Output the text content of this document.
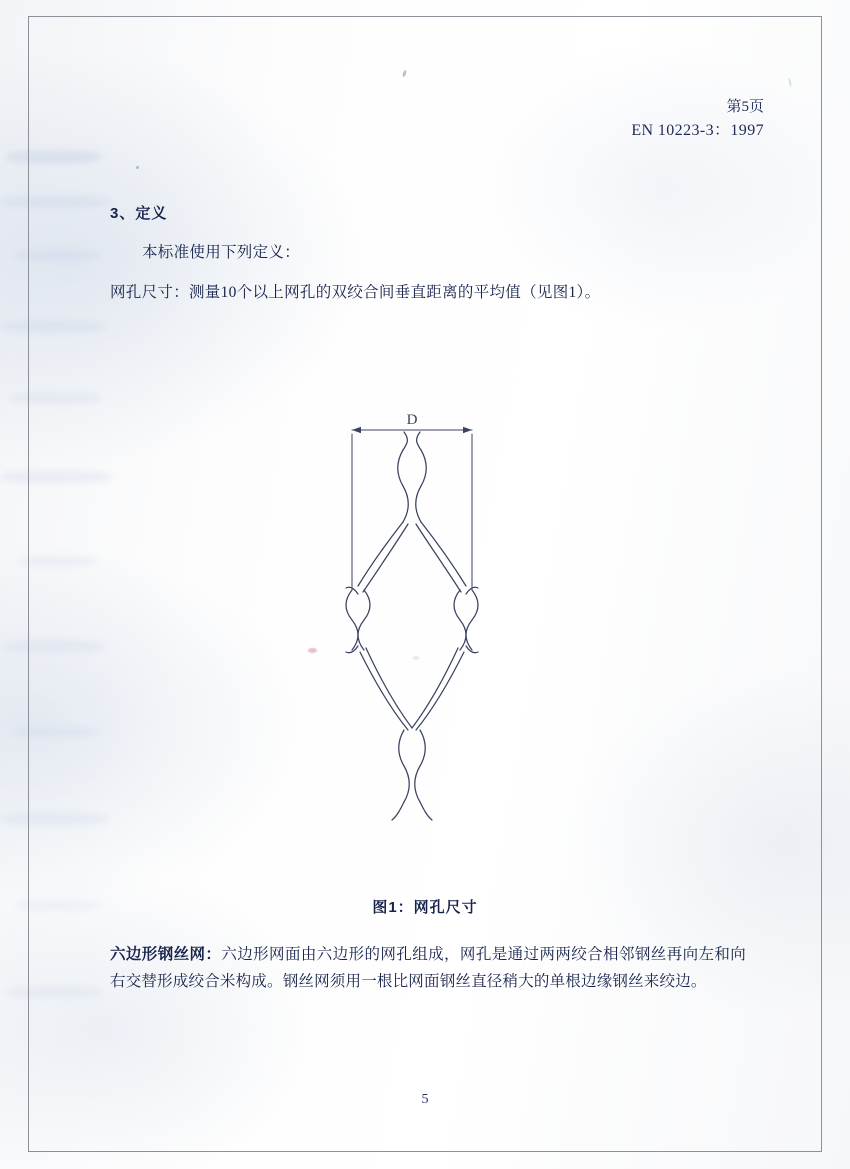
第5页
EN 10223-3：1997
3、定义
本标准使用下列定义：
网孔尺寸：测量10个以上网孔的双绞合间垂直距离的平均值（见图1）。
D
图1：网孔尺寸
六边形钢丝网：六边形网面由六边形的网孔组成，网孔是通过两两绞合相邻钢丝再向左和向右交替形成绞合米构成。钢丝网须用一根比网面钢丝直径稍大的单根边缘钢丝来绞边。
5
